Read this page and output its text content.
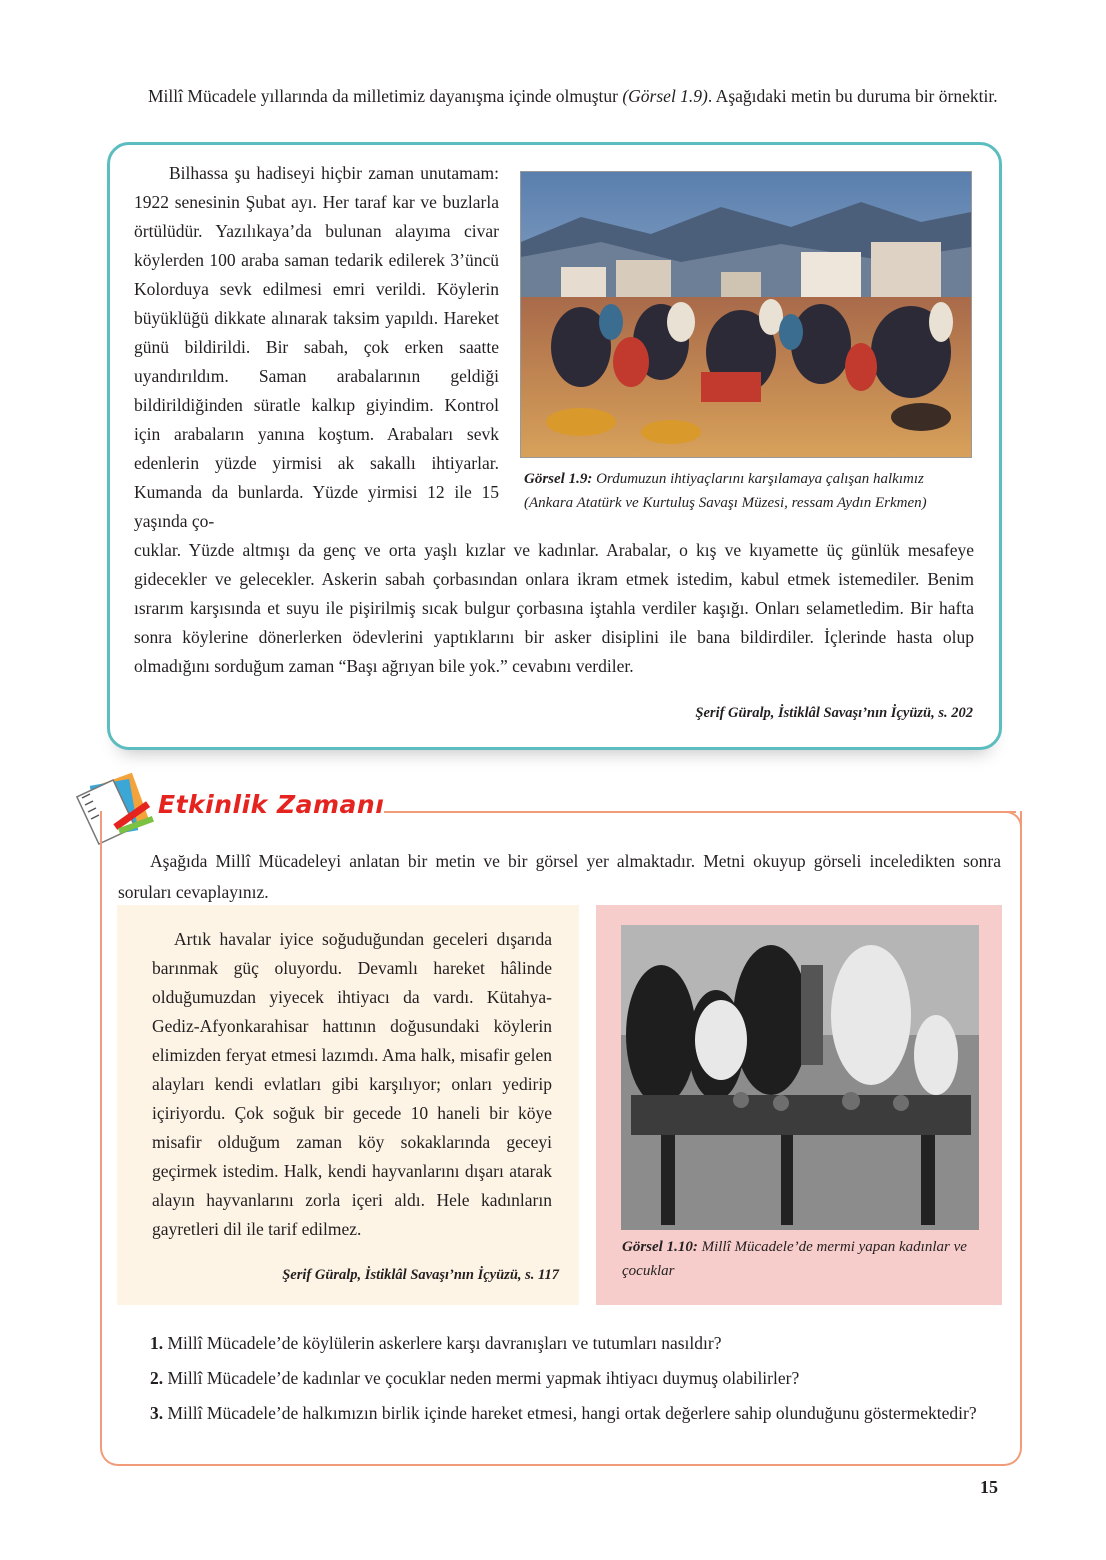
Millî Mücadele yıllarında da milletimiz dayanışma içinde olmuştur (Görsel 1.9). Aşağıdaki metin bu duruma bir örnektir.

Bilhassa şu hadiseyi hiçbir zaman unutamam: 1922 senesinin Şubat ayı. Her taraf kar ve buzlarla örtülüdür. Yazılıkaya’da bulunan alayıma civar köylerden 100 araba saman tedarik edilerek 3’üncü Kolorduya sevk edilmesi emri verildi. Köylerin büyüklüğü dikkate alınarak taksim yapıldı. Hareket günü bildirildi. Bir sabah, çok erken saatte uyandırıldım. Saman arabalarının geldiği bildirildiğinden süratle kalkıp giyindim. Kontrol için arabaların yanına koştum. Arabaları sevk edenlerin yüzde yirmisi ak sakallı ihtiyarlar. Kumanda da bunlarda. Yüzde yirmisi 12 ile 15 yaşında ço-

Görsel 1.9: Ordumuzun ihtiyaçlarını karşılamaya çalışan halkımız (Ankara Atatürk ve Kurtuluş Savaşı Müzesi, ressam Aydın Erkmen)

cuklar. Yüzde altmışı da genç ve orta yaşlı kızlar ve kadınlar. Arabalar, o kış ve kıyamette üç günlük mesafeye gidecekler ve gelecekler. Askerin sabah çorbasından onlara ikram etmek istedim, kabul etmek istemediler. Benim ısrarım karşısında et suyu ile pişirilmiş sıcak bulgur çorbasına iştahla verdiler kaşığı. Onları selametledim. Bir hafta sonra köylerine dönerlerken ödevlerini yaptıklarını bir asker disiplini ile bana bildirdiler. İçlerinde hasta olup olmadığını sorduğum zaman “Başı ağrıyan bile yok.” cevabını verdiler.

Şerif Güralp, İstiklâl Savaşı’nın İçyüzü, s. 202
Etkinlik Zamanı
Aşağıda Millî Mücadeleyi anlatan bir metin ve bir görsel yer almaktadır. Metni okuyup görseli inceledikten sonra soruları cevaplayınız.

Artık havalar iyice soğuduğundan geceleri dışarıda barınmak güç oluyordu. Devamlı hareket hâlinde olduğumuzdan yiyecek ihtiyacı da vardı. Kütahya-Gediz-Afyonkarahisar hattının doğusundaki köylerin elimizden feryat etmesi lazımdı. Ama halk, misafir gelen alayları kendi evlatları gibi karşılıyor; onları yedirip içiriyordu. Çok soğuk bir gecede 10 haneli bir köye misafir olduğum zaman köy sokaklarında geceyi geçirmek istedim. Halk, kendi hayvanlarını dışarı atarak alayın hayvanlarını zorla içeri aldı. Hele kadınların gayretleri dil ile tarif edilmez.

Şerif Güralp, İstiklâl Savaşı’nın İçyüzü, s. 117
Görsel 1.10: Millî Mücadele’de mermi yapan kadınlar ve çocuklar

1. Millî Mücadele’de köylülerin askerlere karşı davranışları ve tutumları nasıldır?

2. Millî Mücadele’de kadınlar ve çocuklar neden mermi yapmak ihtiyacı duymuş olabilirler?

3. Millî Mücadele’de halkımızın birlik içinde hareket etmesi, hangi ortak değerlere sahip olunduğunu göstermektedir?

15
